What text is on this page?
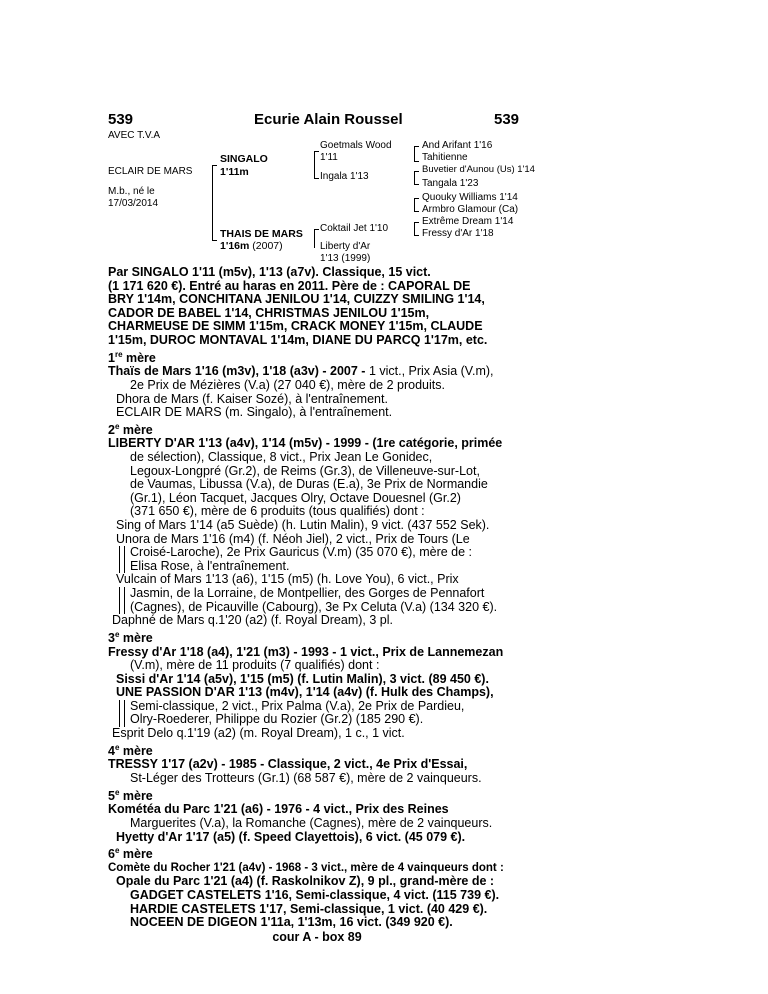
539	Ecurie Alain Roussel	539
AVEC T.V.A
ECLAIR DE MARS
M.b., né le
17/03/2014
SINGALO
1'11m
THAIS DE MARS
1'16m (2007)
Goetmals Wood
1'11
Ingala 1'13
Coktail Jet 1'10
Liberty d'Ar
1'13 (1999)
And Arifant 1'16
Tahitienne
Buvetier d'Aunou (Us) 1'14
Tangala 1'23
Quouky Williams 1'14
Armbro Glamour (Ca)
Extrême Dream 1'14
Fressy d'Ar 1'18

Par SINGALO 1'11 (m5v), 1'13 (a7v). Classique, 15 vict.

(1 171 620 €). Entré au haras en 2011. Père de : CAPORAL DE

BRY 1'14m, CONCHITANA JENILOU 1'14, CUIZZY SMILING 1'14,

CADOR DE BABEL 1'14, CHRISTMAS JENILOU 1'15m,

CHARMEUSE DE SIMM 1'15m, CRACK MONEY 1'15m, CLAUDE

1'15m, DUROC MONTAVAL 1'14m, DIANE DU PARCQ 1'17m, etc.

1re mère

Thaïs de Mars 1'16 (m3v), 1'18 (a3v) - 2007 - 1 vict., Prix Asia (V.m),

2e Prix de Mézières (V.a) (27 040 €), mère de 2 produits.

Dhora de Mars (f. Kaiser Sozé), à l'entraînement.

ECLAIR DE MARS (m. Singalo), à l'entraînement.

2e mère

LIBERTY D'AR 1'13 (a4v), 1'14 (m5v) - 1999 - (1re catégorie, primée

de sélection), Classique, 8 vict., Prix Jean Le Gonidec,

Legoux-Longpré (Gr.2), de Reims (Gr.3), de Villeneuve-sur-Lot,

de Vaumas, Libussa (V.a), de Duras (E.a), 3e Prix de Normandie

(Gr.1), Léon Tacquet, Jacques Olry, Octave Douesnel (Gr.2)

(371 650 €), mère de 6 produits (tous qualifiés) dont :

Sing of Mars 1'14 (a5 Suède) (h. Lutin Malin), 9 vict. (437 552 Sek).

Unora de Mars 1'16 (m4) (f. Néoh Jiel), 2 vict., Prix de Tours (Le

Croisé-Laroche), 2e Prix Gauricus (V.m) (35 070 €), mère de :

Elisa Rose, à l'entraînement.

Vulcain of Mars 1'13 (a6), 1'15 (m5) (h. Love You), 6 vict., Prix

Jasmin, de la Lorraine, de Montpellier, des Gorges de Pennafort

(Cagnes), de Picauville (Cabourg), 3e Px Celuta (V.a) (134 320 €).

Daphné de Mars q.1'20 (a2) (f. Royal Dream), 3 pl.

3e mère

Fressy d'Ar 1'18 (a4), 1'21 (m3) - 1993 - 1 vict., Prix de Lannemezan

(V.m), mère de 11 produits (7 qualifiés) dont :

Sissi d'Ar 1'14 (a5v), 1'15 (m5) (f. Lutin Malin), 3 vict. (89 450 €).

UNE PASSION D'AR 1'13 (m4v), 1'14 (a4v) (f. Hulk des Champs),

Semi-classique, 2 vict., Prix Palma (V.a), 2e Prix de Pardieu,

Olry-Roederer, Philippe du Rozier (Gr.2) (185 290 €).

Esprit Delo q.1'19 (a2) (m. Royal Dream), 1 c., 1 vict.

4e mère

TRESSY 1'17 (a2v) - 1985 - Classique, 2 vict., 4e Prix d'Essai,

St-Léger des Trotteurs (Gr.1) (68 587 €), mère de 2 vainqueurs.

5e mère

Kométéa du Parc 1'21 (a6) - 1976 - 4 vict., Prix des Reines

Marguerites (V.a), la Romanche (Cagnes), mère de 2 vainqueurs.

Hyetty d'Ar 1'17 (a5) (f. Speed Clayettois), 6 vict. (45 079 €).

6e mère

Comète du Rocher 1'21 (a4v) - 1968 - 3 vict., mère de 4 vainqueurs dont :

Opale du Parc 1'21 (a4) (f. Raskolnikov Z), 9 pl., grand-mère de :

GADGET CASTELETS 1'16, Semi-classique, 4 vict. (115 739 €).

HARDIE CASTELETS 1'17, Semi-classique, 1 vict. (40 429 €).

NOCEEN DE DIGEON 1'11a, 1'13m, 16 vict. (349 920 €).

cour A - box 89
